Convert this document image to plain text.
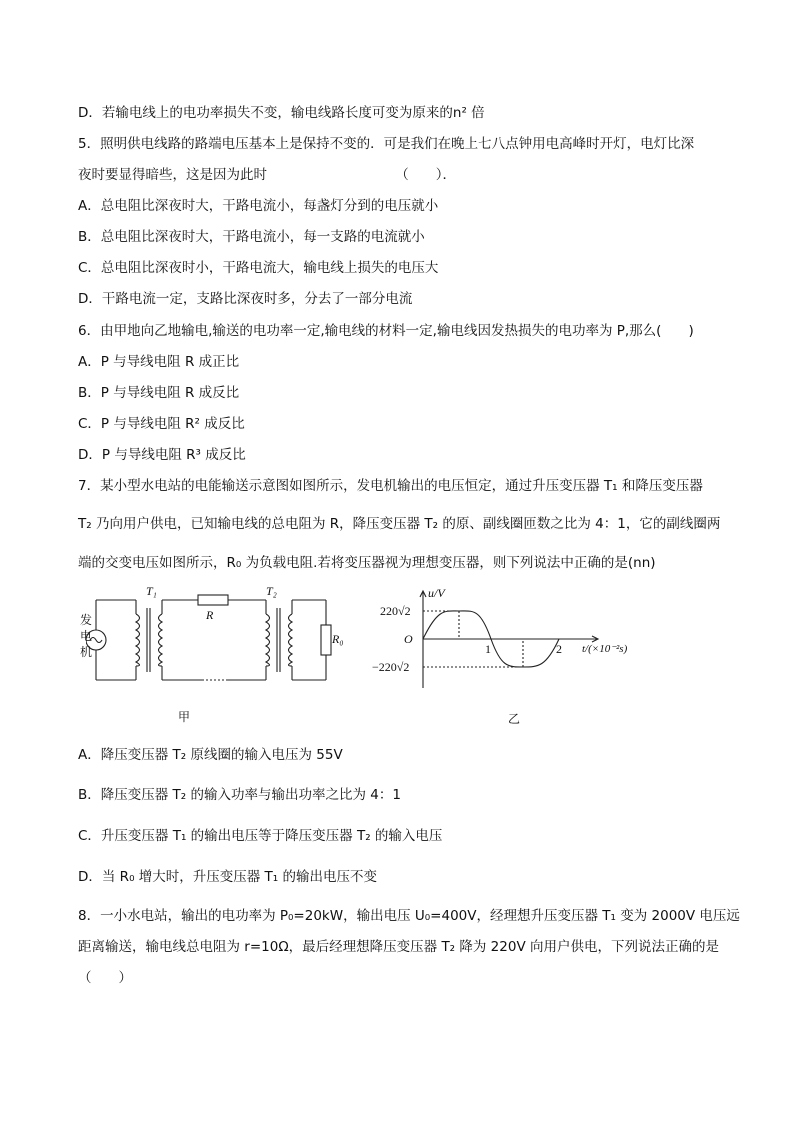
D．若输电线上的电功率损失不变，输电线路长度可变为原来的n² 倍
5．照明供电线路的路端电压基本上是保持不变的．可是我们在晚上七八点钟用电高峰时开灯，电灯比深
夜时要显得暗些，这是因为此时　　　　　　　　　　（　　）．
A．总电阻比深夜时大，干路电流小，每盏灯分到的电压就小
B．总电阻比深夜时大，干路电流小，每一支路的电流就小
C．总电阻比深夜时小，干路电流大，输电线上损失的电压大
D．干路电流一定，支路比深夜时多，分去了一部分电流
6．由甲地向乙地输电,输送的电功率一定,输电线的材料一定,输电线因发热损失的电功率为 P,那么(　　)
A．P 与导线电阻 R 成正比
B．P 与导线电阻 R 成反比
C．P 与导线电阻 R² 成反比
D．P 与导线电阻 R³ 成反比
7．某小型水电站的电能输送示意图如图所示，发电机输出的电压恒定，通过升压变压器 T₁ 和降压变压器
T₂ 乃向用户供电，已知输电线的总电阻为 R，降压变压器 T₂ 的原、副线圈匝数之比为 4：1，它的副线圈两
端的交变电压如图所示，R₀ 为负载电阻.若将变压器视为理想变压器，则下列说法中正确的是(nn)
发
电
机
T₁	T₂
R
R₀
甲
u/V
220√2
O
−220√2
1	2 t/(×10⁻²s)
乙
A．降压变压器 T₂ 原线圈的输入电压为 55V
B．降压变压器 T₂ 的输入功率与输出功率之比为 4：1
C．升压变压器 T₁ 的输出电压等于降压变压器 T₂ 的输入电压
D．当 R₀ 增大时，升压变压器 T₁ 的输出电压不变
8．一小水电站，输出的电功率为 P₀=20kW，输出电压 U₀=400V，经理想升压变压器 T₁ 变为 2000V 电压远
距离输送，输电线总电阻为 r=10Ω，最后经理想降压变压器 T₂ 降为 220V 向用户供电，下列说法正确的是
（　　）
